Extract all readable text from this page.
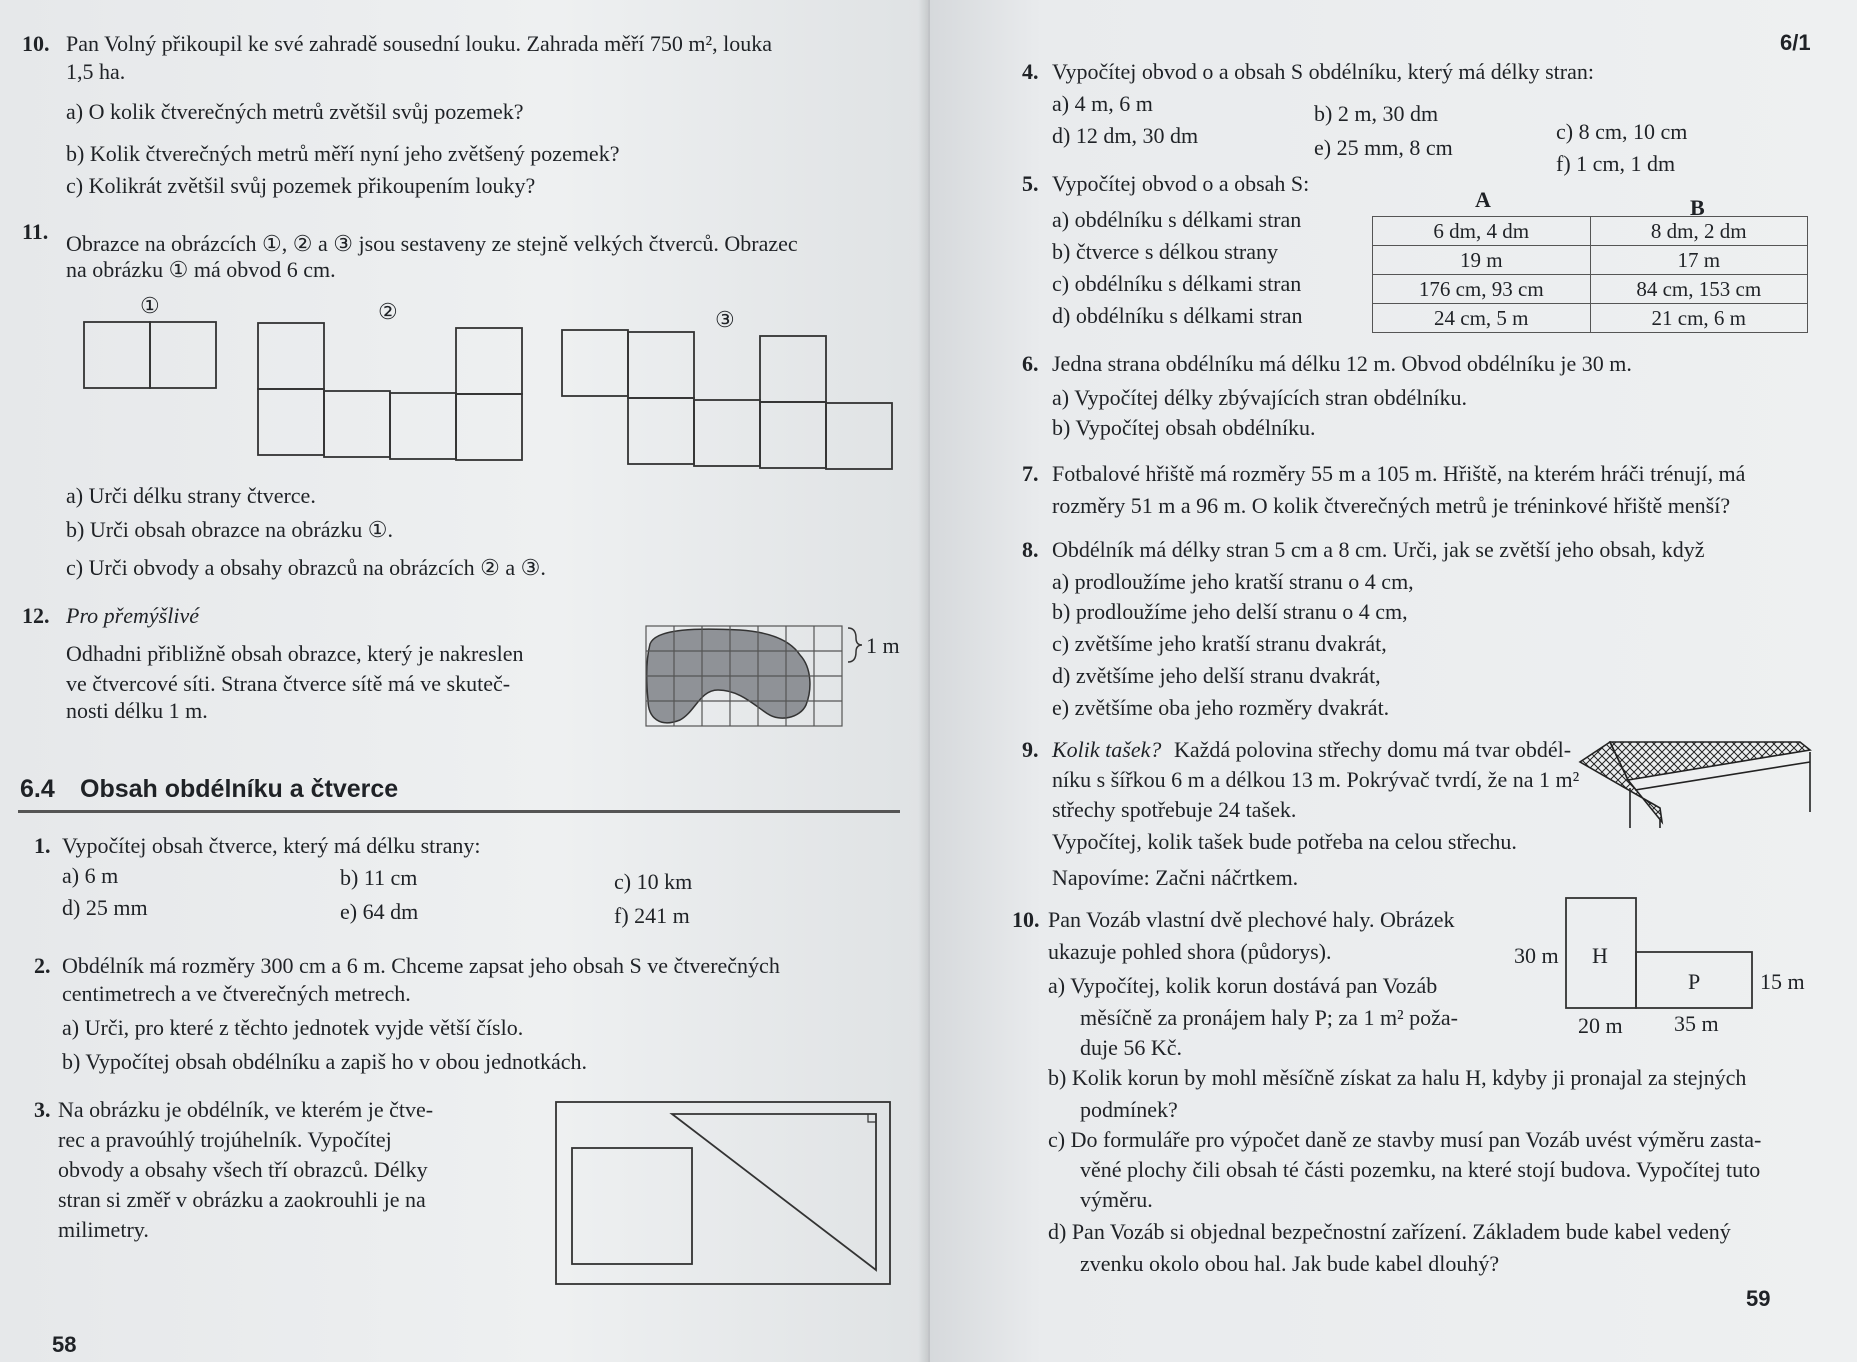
10. Pan Volný přikoupil ke své zahradě sousední louku. Zahrada měří 750 m², louka
1,5 ha.
a) O kolik čtverečných metrů zvětšil svůj pozemek?
b) Kolik čtverečných metrů měří nyní jeho zvětšený pozemek?
c) Kolikrát zvětšil svůj pozemek přikoupením louky?
11. Obrazce na obrázcích ①, ② a ③ jsou sestaveny ze stejně velkých čtverců. Obrazec
na obrázku ① má obvod 6 cm.
①	②	③
a) Urči délku strany čtverce.
b) Urči obsah obrazce na obrázku ①.
c) Urči obvody a obsahy obrazců na obrázcích ② a ③.
12. Pro přemýšlivé
Odhadni přibližně obsah obrazce, který je nakreslen
ve čtvercové síti. Strana čtverce sítě má ve skuteč-
nosti délku 1 m.
1 m
6.4 Obsah obdélníku a čtverce
1. Vypočítej obsah čtverce, který má délku strany:
a) 6 m	b) 11 cm	c) 10 km
d) 25 mm	e) 64 dm	f) 241 m
2. Obdélník má rozměry 300 cm a 6 m. Chceme zapsat jeho obsah S ve čtverečných
centimetrech a ve čtverečných metrech.
a) Urči, pro které z těchto jednotek vyjde větší číslo.
b) Vypočítej obsah obdélníku a zapiš ho v obou jednotkách.
3. Na obrázku je obdélník, ve kterém je čtve-
rec a pravoúhlý trojúhelník. Vypočítej
obvody a obsahy všech tří obrazců. Délky
stran si změř v obrázku a zaokrouhli je na
milimetry.
58
6/1
4. Vypočítej obvod o a obsah S obdélníku, který má délky stran:
a) 4 m, 6 m	b) 2 m, 30 dm
c) 8 cm, 10 cm
d) 12 dm, 30 dm	e) 25 mm, 8 cm
f) 1 cm, 1 dm
5. Vypočítej obvod o a obsah S:
a) obdélníku s délkami stran
b) čtverce s délkou strany
c) obdélníku s délkami stran
d) obdélníku s délkami stran
A	B
6 dm, 4 dm	8 dm, 2 dm
19 m	17 m
176 cm, 93 cm	84 cm, 153 cm
24 cm, 5 m	21 cm, 6 m
6. Jedna strana obdélníku má délku 12 m. Obvod obdélníku je 30 m.
a) Vypočítej délky zbývajících stran obdélníku.
b) Vypočítej obsah obdélníku.
7. Fotbalové hřiště má rozměry 55 m a 105 m. Hřiště, na kterém hráči trénují, má
rozměry 51 m a 96 m. O kolik čtverečných metrů je tréninkové hřiště menší?
8. Obdélník má délky stran 5 cm a 8 cm. Urči, jak se zvětší jeho obsah, když
a) prodloužíme jeho kratší stranu o 4 cm,
b) prodloužíme jeho delší stranu o 4 cm,
c) zvětšíme jeho kratší stranu dvakrát,
d) zvětšíme jeho delší stranu dvakrát,
e) zvětšíme oba jeho rozměry dvakrát.
9. Kolik tašek? Každá polovina střechy domu má tvar obdél-
níku s šířkou 6 m a délkou 13 m. Pokrývač tvrdí, že na 1 m²
střechy spotřebuje 24 tašek.
Vypočítej, kolik tašek bude potřeba na celou střechu.
Napovíme: Začni náčrtkem.
10. Pan Vozáb vlastní dvě plechové haly. Obrázek
ukazuje pohled shora (půdorys).
a) Vypočítej, kolik korun dostává pan Vozáb
měsíčně za pronájem haly P; za 1 m² poža-
duje 56 Kč.
b) Kolik korun by mohl měsíčně získat za halu H, kdyby ji pronajal za stejných
podmínek?
c) Do formuláře pro výpočet daně ze stavby musí pan Vozáb uvést výměru zasta-
věné plochy čili obsah té části pozemku, na které stojí budova. Vypočítej tuto
výměru.
d) Pan Vozáb si objednal bezpečnostní zařízení. Základem bude kabel vedený
zvenku okolo obou hal. Jak bude kabel dlouhý?
H
P
30 m
15 m
20 m 35 m
59
